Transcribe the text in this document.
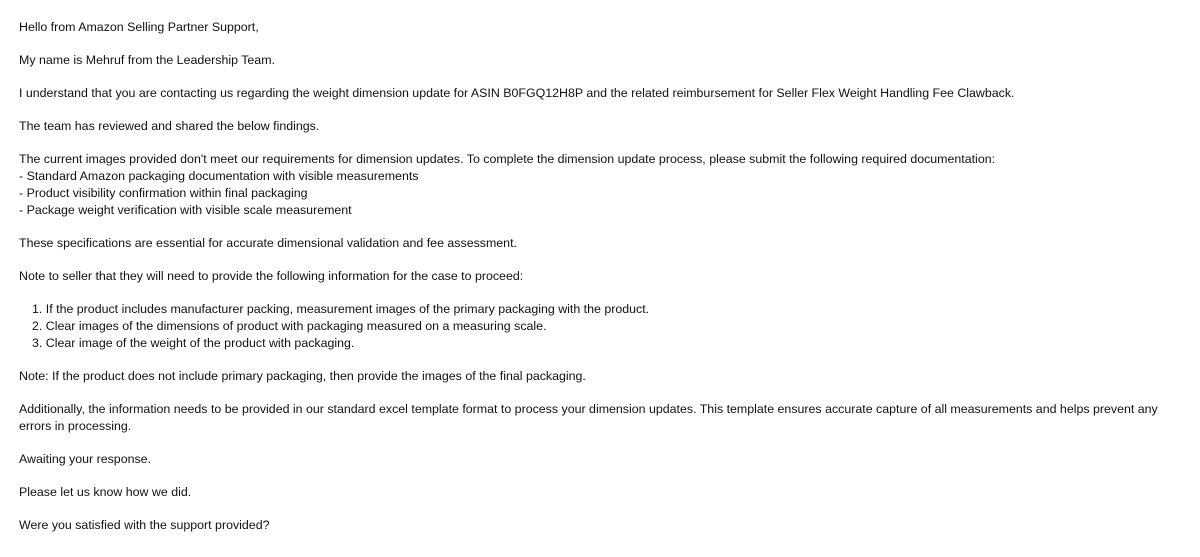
Hello from Amazon Selling Partner Support,

My name is Mehruf from the Leadership Team.

I understand that you are contacting us regarding the weight dimension update for ASIN B0FGQ12H8P and the related reimbursement for Seller Flex Weight Handling Fee Clawback.

The team has reviewed and shared the below findings.

The current images provided don't meet our requirements for dimension updates. To complete the dimension update process, please submit the following required documentation:
- Standard Amazon packaging documentation with visible measurements
- Product visibility confirmation within final packaging
- Package weight verification with visible scale measurement

These specifications are essential for accurate dimensional validation and fee assessment.

Note to seller that they will need to provide the following information for the case to proceed:

1. If the product includes manufacturer packing, measurement images of the primary packaging with the product.
2. Clear images of the dimensions of product with packaging measured on a measuring scale.
3. Clear image of the weight of the product with packaging.

Note: If the product does not include primary packaging, then provide the images of the final packaging.

Additionally, the information needs to be provided in our standard excel template format to process your dimension updates. This template ensures accurate capture of all measurements and helps prevent any errors in processing.

Awaiting your response.

Please let us know how we did.

Were you satisfied with the support provided?
